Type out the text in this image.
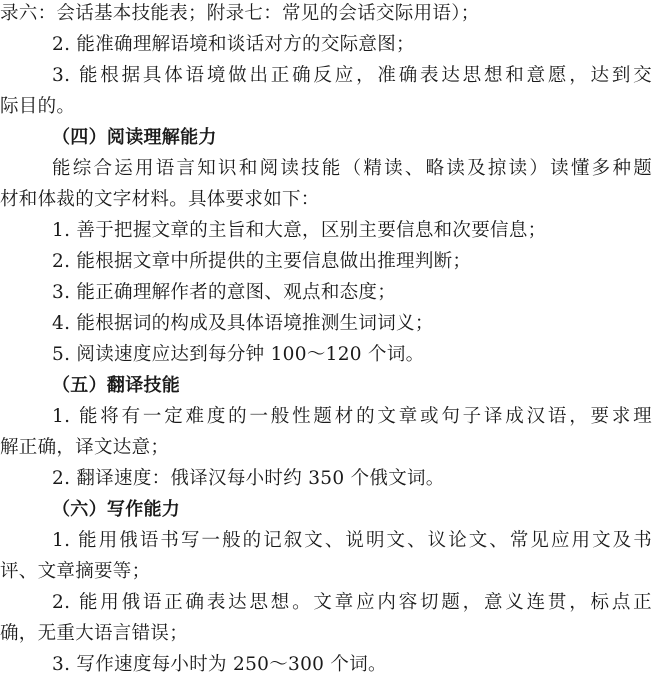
录六：会话基本技能表；附录七：常见的会话交际用语）；
2. 能准确理解语境和谈话对方的交际意图；
3. 能根据具体语境做出正确反应，准确表达思想和意愿，达到交
际目的。
（四）阅读理解能力
能综合运用语言知识和阅读技能（精读、略读及掠读）读懂多种题
材和体裁的文字材料。具体要求如下：
1. 善于把握文章的主旨和大意，区别主要信息和次要信息；
2. 能根据文章中所提供的主要信息做出推理判断；
3. 能正确理解作者的意图、观点和态度；
4. 能根据词的构成及具体语境推测生词词义；
5. 阅读速度应达到每分钟 100～120 个词。
（五）翻译技能
1. 能将有一定难度的一般性题材的文章或句子译成汉语，要求理
解正确，译文达意；
2. 翻译速度：俄译汉每小时约 350 个俄文词。
（六）写作能力
1. 能用俄语书写一般的记叙文、说明文、议论文、常见应用文及书
评、文章摘要等；
2. 能用俄语正确表达思想。文章应内容切题，意义连贯，标点正
确，无重大语言错误；
3. 写作速度每小时为 250～300 个词。
